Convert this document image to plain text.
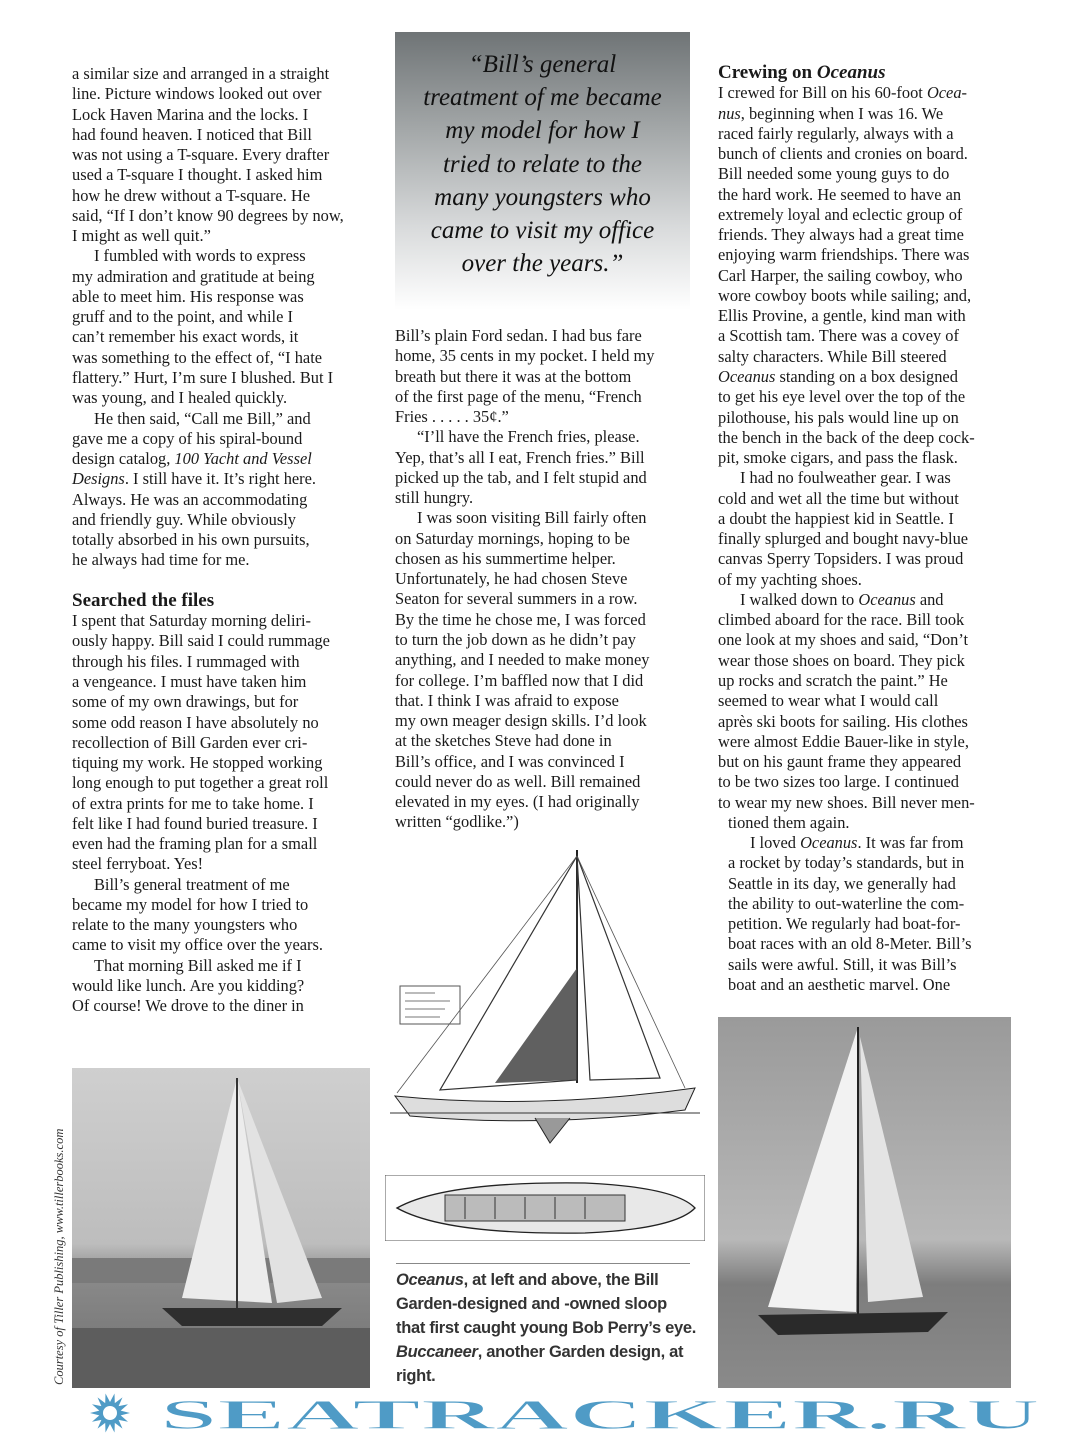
“Bill’s general
treatment of me became
my model for how I
tried to relate to the
many youngsters who
came to visit my office
over the years.”
a similar size and arranged in a straight
line. Picture windows looked out over
Lock Haven Marina and the locks. I
had found heaven. I noticed that Bill
was not using a T-square. Every drafter
used a T-square I thought. I asked him
how he drew without a T-square. He
said, “If I don’t know 90 degrees by now,
I might as well quit.”
I fumbled with words to express
my admiration and gratitude at being
able to meet him. His response was
gruff and to the point, and while I
can’t remember his exact words, it
was something to the effect of, “I hate
flattery.” Hurt, I’m sure I blushed. But I
was young, and I healed quickly.
He then said, “Call me Bill,” and
gave me a copy of his spiral-bound
design catalog, 100 Yacht and Vessel
Designs. I still have it. It’s right here.
Always. He was an accommodating
and friendly guy. While obviously
totally absorbed in his own pursuits,
he always had time for me.
Searched the files
I spent that Saturday morning deliri-
ously happy. Bill said I could rummage
through his files. I rummaged with
a vengeance. I must have taken him
some of my own drawings, but for
some odd reason I have absolutely no
recollection of Bill Garden ever cri-
tiquing my work. He stopped working
long enough to put together a great roll
of extra prints for me to take home. I
felt like I had found buried treasure. I
even had the framing plan for a small
steel ferryboat. Yes!
Bill’s general treatment of me
became my model for how I tried to
relate to the many youngsters who
came to visit my office over the years.
That morning Bill asked me if I
would like lunch. Are you kidding?
Of course! We drove to the diner in
Bill’s plain Ford sedan. I had bus fare
home, 35 cents in my pocket. I held my
breath but there it was at the bottom
of the first page of the menu, “French
Fries . . . . . 35¢.”
“I’ll have the French fries, please.
Yep, that’s all I eat, French fries.” Bill
picked up the tab, and I felt stupid and
still hungry.
I was soon visiting Bill fairly often
on Saturday mornings, hoping to be
chosen as his summertime helper.
Unfortunately, he had chosen Steve
Seaton for several summers in a row.
By the time he chose me, I was forced
to turn the job down as he didn’t pay
anything, and I needed to make money
for college. I’m baffled now that I did
that. I think I was afraid to expose
my own meager design skills. I’d look
at the sketches Steve had done in
Bill’s office, and I was convinced I
could never do as well. Bill remained
elevated in my eyes. (I had originally
written “godlike.”)
Crewing on Oceanus
I crewed for Bill on his 60-foot Ocea-
nus, beginning when I was 16. We
raced fairly regularly, always with a
bunch of clients and cronies on board.
Bill needed some young guys to do
the hard work. He seemed to have an
extremely loyal and eclectic group of
friends. They always had a great time
enjoying warm friendships. There was
Carl Harper, the sailing cowboy, who
wore cowboy boots while sailing; and,
Ellis Provine, a gentle, kind man with
a Scottish tam. There was a covey of
salty characters. While Bill steered
Oceanus standing on a box designed
to get his eye level over the top of the
pilothouse, his pals would line up on
the bench in the back of the deep cock-
pit, smoke cigars, and pass the flask.
I had no foulweather gear. I was
cold and wet all the time but without
a doubt the happiest kid in Seattle. I
finally splurged and bought navy-blue
canvas Sperry Topsiders. I was proud
of my yachting shoes.
I walked down to Oceanus and
climbed aboard for the race. Bill took
one look at my shoes and said, “Don’t
wear those shoes on board. They pick
up rocks and scratch the paint.” He
seemed to wear what I would call
après ski boots for sailing. His clothes
were almost Eddie Bauer-like in style,
but on his gaunt frame they appeared
to be two sizes too large. I continued
to wear my new shoes. Bill never men-
tioned them again.
I loved Oceanus. It was far from
a rocket by today’s standards, but in
Seattle in its day, we generally had
the ability to out-waterline the com-
petition. We regularly had boat-for-
boat races with an old 8-Meter. Bill’s
sails were awful. Still, it was Bill’s
boat and an aesthetic marvel. One
Oceanus, at left and above, the Bill
Garden-designed and -owned sloop
that first caught young Bob Perry’s eye.
Buccaneer, another Garden design, at
right.
Courtesy of Tiller Publishing, www.tillerbooks.com
SEATRACKER.RU
